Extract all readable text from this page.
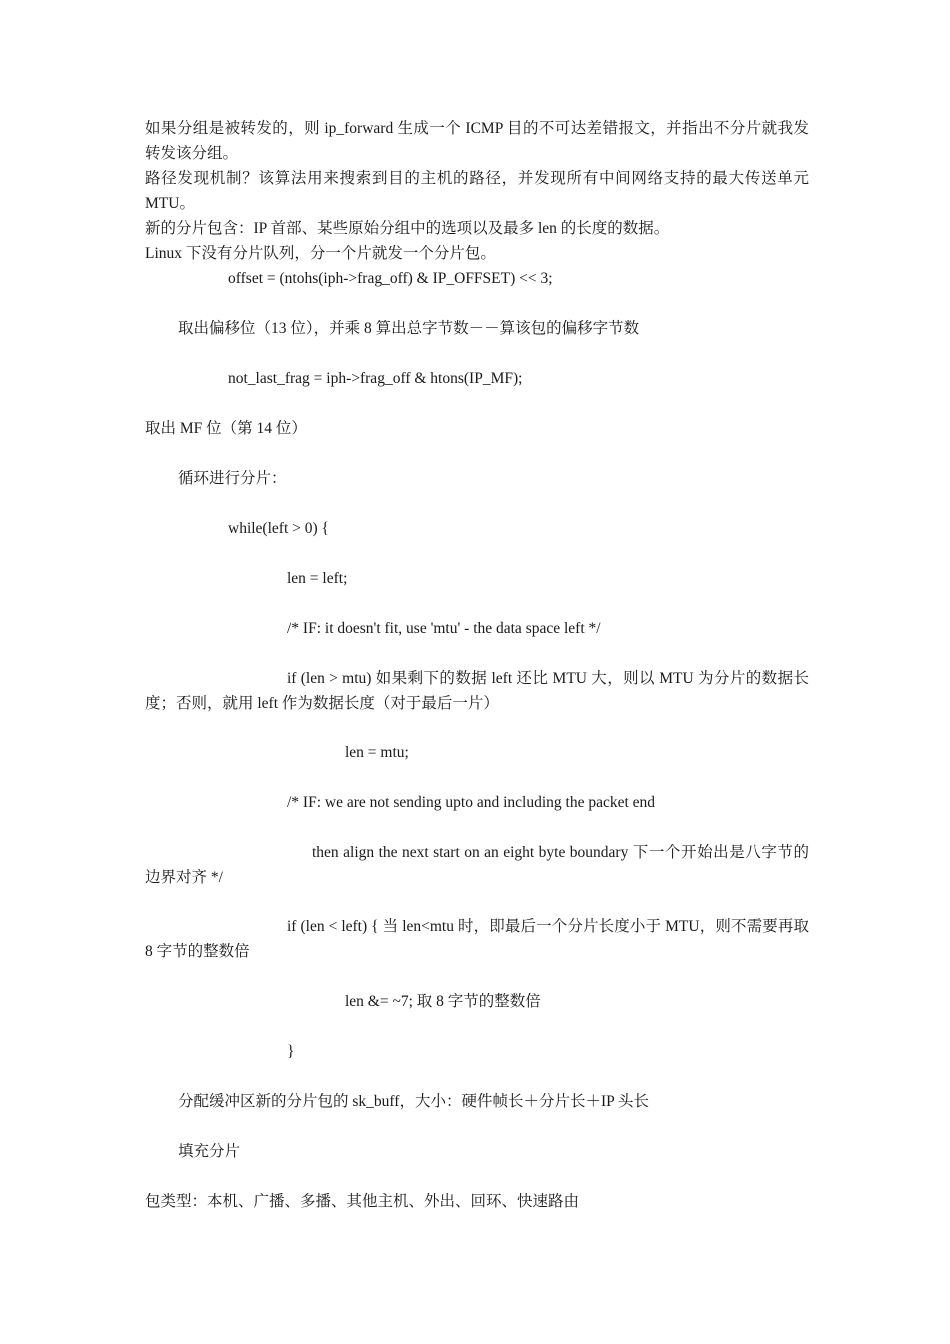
如果分组是被转发的，则 ip_forward 生成一个 ICMP 目的不可达差错报文，并指出不分片就我发转发该分组。
路径发现机制？该算法用来搜索到目的主机的路径，并发现所有中间网络支持的最大传送单元 MTU。
新的分片包含：IP 首部、某些原始分组中的选项以及最多 len 的长度的数据。
Linux 下没有分片队列，分一个片就发一个分片包。
offset = (ntohs(iph->frag_off) & IP_OFFSET) << 3;
取出偏移位（13 位），并乘 8 算出总字节数－－算该包的偏移字节数
not_last_frag = iph->frag_off & htons(IP_MF);
取出 MF 位（第 14 位）
循环进行分片：
while(left > 0) {
len = left;
/* IF: it doesn't fit, use 'mtu' - the data space left */
if (len > mtu) 如果剩下的数据 left 还比 MTU 大，则以 MTU 为分片的数据长度；否则，就用 left 作为数据长度（对于最后一片）
len = mtu;
/* IF: we are not sending upto and including the packet end
then align the next start on an eight byte boundary 下一个开始出是八字节的边界对齐 */
if (len < left) { 当 len<mtu 时，即最后一个分片长度小于 MTU，则不需要再取 8 字节的整数倍
len &= ~7; 取 8 字节的整数倍
}
分配缓冲区新的分片包的 sk_buff，大小：硬件帧长＋分片长＋IP 头长
填充分片
包类型：本机、广播、多播、其他主机、外出、回环、快速路由
